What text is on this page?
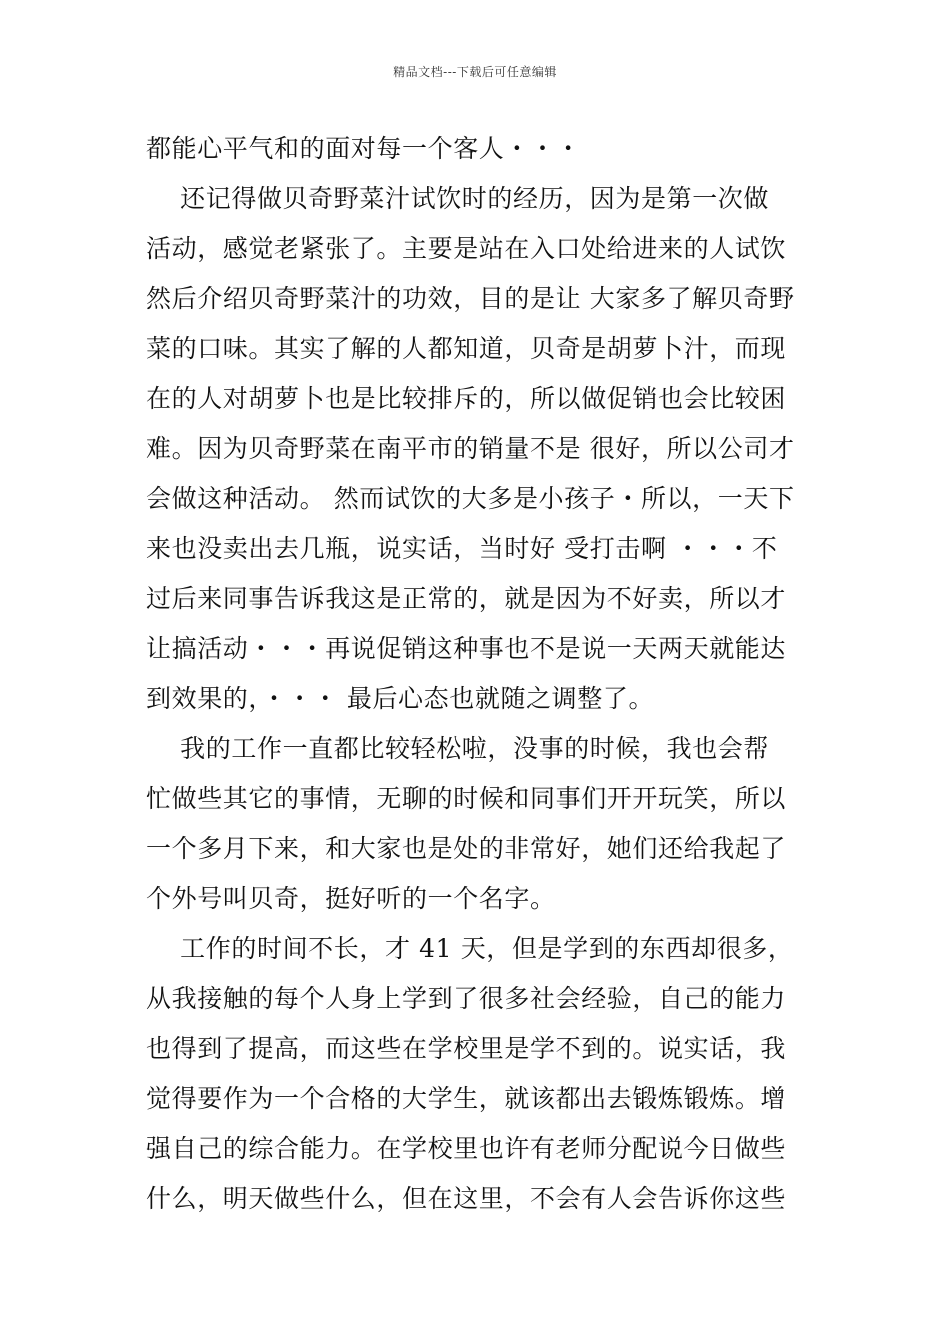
精品文档---下载后可任意编辑
都能心平气和的面对每一个客人・・・
还记得做贝奇野菜汁试饮时的经历，因为是第一次做
活动，感觉老紧张了。主要是站在入口处给进来的人试饮
然后介绍贝奇野菜汁的功效，目的是让 大家多了解贝奇野
菜的口味。其实了解的人都知道，贝奇是胡萝卜汁，而现
在的人对胡萝卜也是比较排斥的，所以做促销也会比较困
难。因为贝奇野菜在南平市的销量不是 很好，所以公司才
会做这种活动。 然而试饮的大多是小孩子・所以，一天下
来也没卖出去几瓶，说实话，当时好 受打击啊 ・・・不
过后来同事告诉我这是正常的，就是因为不好卖，所以才
让搞活动・・・再说促销这种事也不是说一天两天就能达
到效果的，・・・ 最后心态也就随之调整了。
我的工作一直都比较轻松啦，没事的时候，我也会帮
忙做些其它的事情，无聊的时候和同事们开开玩笑，所以
一个多月下来，和大家也是处的非常好，她们还给我起了
个外号叫贝奇，挺好听的一个名字。
工作的时间不长，才 41 天，但是学到的东西却很多，
从我接触的每个人身上学到了很多社会经验，自己的能力
也得到了提高，而这些在学校里是学不到的。说实话，我
觉得要作为一个合格的大学生，就该都出去锻炼锻炼。增
强自己的综合能力。在学校里也许有老师分配说今日做些
什么，明天做些什么，但在这里，不会有人会告诉你这些
